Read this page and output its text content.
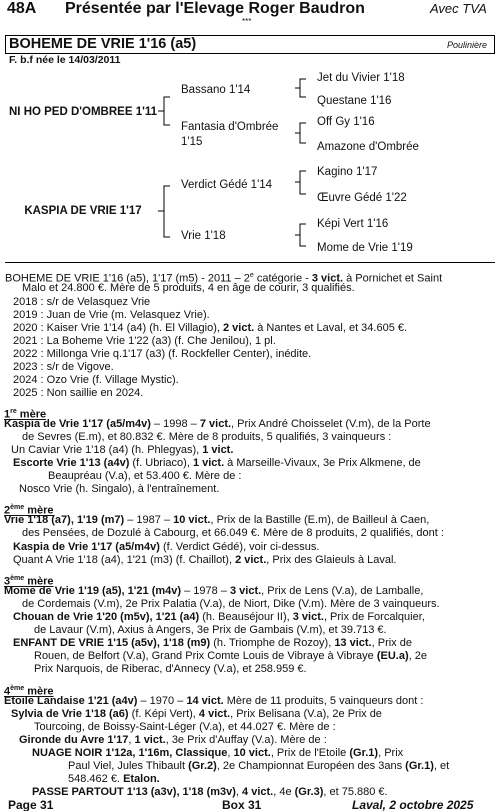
48A Présentée par l'Elevage Roger Baudron	Avec TVA
***
BOHEME DE VRIE 1'16 (a5)	Poulinière
F. b.f née le 14/03/2011
NI HO PED D'OMBREE 1'11
Bassano 1'14
Fantasia d'Ombrée 1'15
Jet du Vivier 1'18
Questane 1'16
Off Gy 1'16
Amazone d'Ombrée
KASPIA DE VRIE 1'17
Verdict Gédé 1'14
Vrie 1'18
Kagino 1'17
Œuvre Gédé 1'22
Képi Vert 1'16
Mome de Vrie 1'19
BOHEME DE VRIE 1'16 (a5), 1'17 (m5) - 2011 – 2e catégorie - 3 vict. à Pornichet et Saint
Malo et 24.800 €. Mère de 5 produits, 4 en âge de courir, 3 qualifiés.
2018 : s/r de Velasquez Vrie
2019 : Juan de Vrie (m. Velasquez Vrie).
2020 : Kaiser Vrie 1'14 (a4) (h. El Villagio), 2 vict. à Nantes et Laval, et 34.605 €.
2021 : La Boheme Vrie 1'22 (a3) (f. Che Jenilou), 1 pl.
2022 : Millonga Vrie q.1'17 (a3) (f. Rockfeller Center), inédite.
2023 : s/r de Vigove.
2024 : Ozo Vrie (f. Village Mystic).
2025 : Non saillie en 2024.
1re mère
Kaspia de Vrie 1'17 (a5/m4v) – 1998 – 7 vict., Prix André Choisselet (V.m), de la Porte
de Sevres (E.m), et 80.832 €. Mère de 8 produits, 5 qualifiés, 3 vainqueurs :
Un Caviar Vrie 1'18 (a4) (h. Phlegyas), 1 vict.
Escorte Vrie 1'13 (a4v) (f. Ubriaco), 1 vict. à Marseille-Vivaux, 3e Prix Alkmene, de
Beaupréau (V.a), et 53.400 €. Mère de :
Nosco Vrie (h. Singalo), à l'entraînement.
2ème mère
Vrie 1'18 (a7), 1'19 (m7) – 1987 – 10 vict., Prix de la Bastille (E.m), de Bailleul à Caen,
des Pensées, de Dozulé à Cabourg, et 66.049 €. Mère de 8 produits, 2 qualifiés, dont :
Kaspia de Vrie 1'17 (a5/m4v) (f. Verdict Gédé), voir ci-dessus.
Quant A Vrie 1'18 (a4), 1'21 (m3) (f. Chaillot), 2 vict., Prix des Glaieuls à Laval.
3ème mère
Mome de Vrie 1'19 (a5), 1'21 (m4v) – 1978 – 3 vict., Prix de Lens (V.a), de Lamballe,
de Cordemais (V.m), 2e Prix Palatia (V.a), de Niort, Dike (V.m). Mère de 3 vainqueurs.
Chouan de Vrie 1'20 (m5v), 1'21 (a4) (h. Beauséjour II), 3 vict., Prix de Forcalquier,
de Lavaur (V.m), Axius à Angers, 3e Prix de Gambais (V.m), et 39.713 €.
ENFANT DE VRIE 1'15 (a5v), 1'18 (m9) (h. Triomphe de Rozoy), 13 vict., Prix de
Rouen, de Belfort (V.a), Grand Prix Comte Louis de Vibraye à Vibraye (EU.a), 2e
Prix Narquois, de Riberac, d'Annecy (V.a), et 258.959 €.
4ème mère
Etoile Landaise 1'21 (a4v) – 1970 – 14 vict. Mère de 11 produits, 5 vainqueurs dont :
Sylvia de Vrie 1'18 (a6) (f. Képi Vert), 4 vict., Prix Belisana (V.a), 2e Prix de
Tourcoing, de Boissy-Saint-Léger (V.a), et 44.027 €. Mère de :
Gironde du Avre 1'17, 1 vict., 3e Prix d'Auffay (V.a). Mère de :
NUAGE NOIR 1'12a, 1'16m, Classique, 10 vict., Prix de l'Etoile (Gr.1), Prix
Paul Viel, Jules Thibault (Gr.2), 2e Championnat Européen des 3ans (Gr.1), et
548.462 €. Etalon.
PASSE PARTOUT 1'13 (a3v), 1'18 (m3v), 4 vict., 4e (Gr.3), et 75.880 €.
Page 31	Box 31	Laval, 2 octobre 2025
